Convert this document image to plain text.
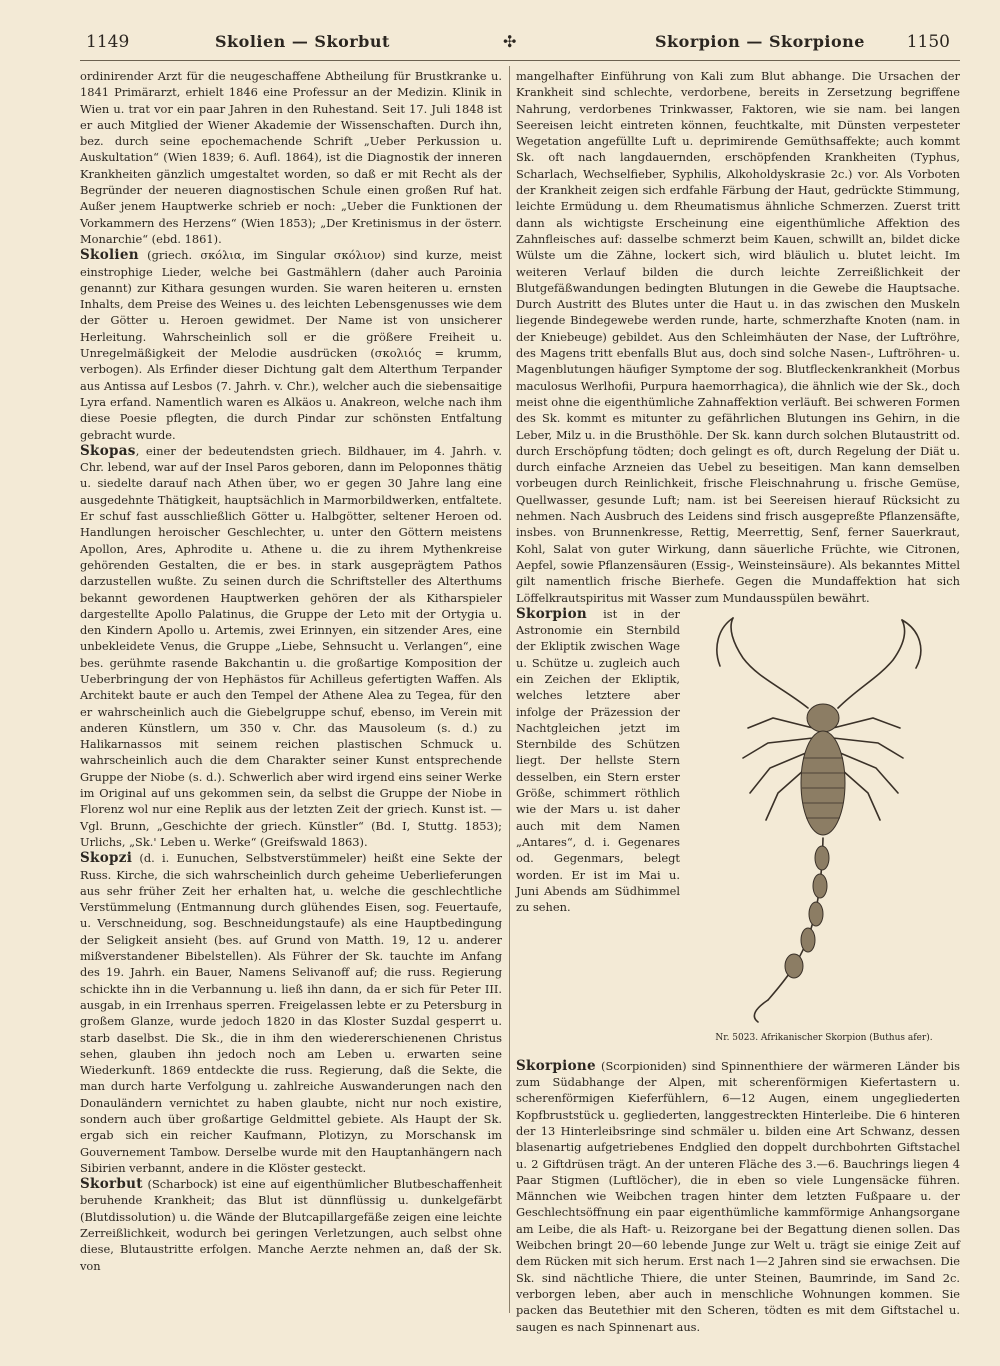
1149	Skolien — Skorbut	✣	Skorpion — Skorpione 1150

ordinirender Arzt für die neugeschaffene Abtheilung für Brustkranke u. 1841 Primärarzt, erhielt 1846 eine Professur an der Medizin. Klinik in Wien u. trat vor ein paar Jahren in den Ruhestand. Seit 17. Juli 1848 ist er auch Mitglied der Wiener Akademie der Wissenschaften. Durch ihn, bez. durch seine epochemachende Schrift „Ueber Perkussion u. Auskultation“ (Wien 1839; 6. Aufl. 1864), ist die Diagnostik der inneren Krankheiten gänzlich umgestaltet worden, so daß er mit Recht als der Begründer der neueren diagnostischen Schule einen großen Ruf hat. Außer jenem Hauptwerke schrieb er noch: „Ueber die Funktionen der Vorkammern des Herzens“ (Wien 1853); „Der Kretinismus in der österr. Monarchie“ (ebd. 1861).

Skolien (griech. σκόλια, im Singular σκόλιον) sind kurze, meist einstrophige Lieder, welche bei Gastmählern (daher auch Paroinia genannt) zur Kithara gesungen wurden. Sie waren heiteren u. ernsten Inhalts, dem Preise des Weines u. des leichten Lebensgenusses wie dem der Götter u. Heroen gewidmet. Der Name ist von unsicherer Herleitung. Wahrscheinlich soll er die größere Freiheit u. Unregelmäßigkeit der Melodie ausdrücken (σκολιός = krumm, verbogen). Als Erfinder dieser Dichtung galt dem Alterthum Terpander aus Antissa auf Lesbos (7. Jahrh. v. Chr.), welcher auch die siebensaitige Lyra erfand. Namentlich waren es Alkäos u. Anakreon, welche nach ihm diese Poesie pflegten, die durch Pindar zur schönsten Entfaltung gebracht wurde.

Skopas, einer der bedeutendsten griech. Bildhauer, im 4. Jahrh. v. Chr. lebend, war auf der Insel Paros geboren, dann im Peloponnes thätig u. siedelte darauf nach Athen über, wo er gegen 30 Jahre lang eine ausgedehnte Thätigkeit, hauptsächlich in Marmorbildwerken, entfaltete. Er schuf fast ausschließlich Götter u. Halbgötter, seltener Heroen od. Handlungen heroischer Geschlechter, u. unter den Göttern meistens Apollon, Ares, Aphrodite u. Athene u. die zu ihrem Mythenkreise gehörenden Gestalten, die er bes. in stark ausgeprägtem Pathos darzustellen wußte. Zu seinen durch die Schriftsteller des Alterthums bekannt gewordenen Hauptwerken gehören der als Kitharspieler dargestellte Apollo Palatinus, die Gruppe der Leto mit der Ortygia u. den Kindern Apollo u. Artemis, zwei Erinnyen, ein sitzender Ares, eine unbekleidete Venus, die Gruppe „Liebe, Sehnsucht u. Verlangen“, eine bes. gerühmte rasende Bakchantin u. die großartige Komposition der Ueberbringung der von Hephästos für Achilleus gefertigten Waffen. Als Architekt baute er auch den Tempel der Athene Alea zu Tegea, für den er wahrscheinlich auch die Giebelgruppe schuf, ebenso, im Verein mit anderen Künstlern, um 350 v. Chr. das Mausoleum (s. d.) zu Halikarnassos mit seinem reichen plastischen Schmuck u. wahrscheinlich auch die dem Charakter seiner Kunst entsprechende Gruppe der Niobe (s. d.). Schwerlich aber wird irgend eins seiner Werke im Original auf uns gekommen sein, da selbst die Gruppe der Niobe in Florenz wol nur eine Replik aus der letzten Zeit der griech. Kunst ist. — Vgl. Brunn, „Geschichte der griech. Künstler“ (Bd. I, Stuttg. 1853); Urlichs, „Sk.' Leben u. Werke“ (Greifswald 1863).

Skopzi (d. i. Eunuchen, Selbstverstümmeler) heißt eine Sekte der Russ. Kirche, die sich wahrscheinlich durch geheime Ueberlieferungen aus sehr früher Zeit her erhalten hat, u. welche die geschlechtliche Verstümmelung (Entmannung durch glühendes Eisen, sog. Feuertaufe, u. Verschneidung, sog. Beschneidungstaufe) als eine Hauptbedingung der Seligkeit ansieht (bes. auf Grund von Matth. 19, 12 u. anderer mißverstandener Bibelstellen). Als Führer der Sk. tauchte im Anfang des 19. Jahrh. ein Bauer, Namens Selivanoff auf; die russ. Regierung schickte ihn in die Verbannung u. ließ ihn dann, da er sich für Peter III. ausgab, in ein Irrenhaus sperren. Freigelassen lebte er zu Petersburg in großem Glanze, wurde jedoch 1820 in das Kloster Suzdal gesperrt u. starb daselbst. Die Sk., die in ihm den wiedererschienenen Christus sehen, glauben ihn jedoch noch am Leben u. erwarten seine Wiederkunft. 1869 entdeckte die russ. Regierung, daß die Sekte, die man durch harte Verfolgung u. zahlreiche Auswanderungen nach den Donauländern vernichtet zu haben glaubte, nicht nur noch existire, sondern auch über großartige Geldmittel gebiete. Als Haupt der Sk. ergab sich ein reicher Kaufmann, Plotizyn, zu Morschansk im Gouvernement Tambow. Derselbe wurde mit den Hauptanhängern nach Sibirien verbannt, andere in die Klöster gesteckt.

Skorbut (Scharbock) ist eine auf eigenthümlicher Blutbeschaffenheit beruhende Krankheit; das Blut ist dünnflüssig u. dunkelgefärbt (Blutdissolution) u. die Wände der Blutcapillargefäße zeigen eine leichte Zerreißlichkeit, wodurch bei geringen Verletzungen, auch selbst ohne diese, Blutaustritte erfolgen. Manche Aerzte nehmen an, daß der Sk. von

mangelhafter Einführung von Kali zum Blut abhange. Die Ursachen der Krankheit sind schlechte, verdorbene, bereits in Zersetzung begriffene Nahrung, verdorbenes Trinkwasser, Faktoren, wie sie nam. bei langen Seereisen leicht eintreten können, feuchtkalte, mit Dünsten verpesteter Wegetation angefüllte Luft u. deprimirende Gemüthsaffekte; auch kommt Sk. oft nach langdauernden, erschöpfenden Krankheiten (Typhus, Scharlach, Wechselfieber, Syphilis, Alkoholdyskrasie 2c.) vor. Als Vorboten der Krankheit zeigen sich erdfahle Färbung der Haut, gedrückte Stimmung, leichte Ermüdung u. dem Rheumatismus ähnliche Schmerzen. Zuerst tritt dann als wichtigste Erscheinung eine eigenthümliche Affektion des Zahnfleisches auf: dasselbe schmerzt beim Kauen, schwillt an, bildet dicke Wülste um die Zähne, lockert sich, wird bläulich u. blutet leicht. Im weiteren Verlauf bilden die durch leichte Zerreißlichkeit der Blutgefäßwandungen bedingten Blutungen in die Gewebe die Hauptsache. Durch Austritt des Blutes unter die Haut u. in das zwischen den Muskeln liegende Bindegewebe werden runde, harte, schmerzhafte Knoten (nam. in der Kniebeuge) gebildet. Aus den Schleimhäuten der Nase, der Luftröhre, des Magens tritt ebenfalls Blut aus, doch sind solche Nasen-, Luftröhren- u. Magenblutungen häufiger Symptome der sog. Blutfleckenkrankheit (Morbus maculosus Werlhofii, Purpura haemorrhagica), die ähnlich wie der Sk., doch meist ohne die eigenthümliche Zahnaffektion verläuft. Bei schweren Formen des Sk. kommt es mitunter zu gefährlichen Blutungen ins Gehirn, in die Leber, Milz u. in die Brusthöhle. Der Sk. kann durch solchen Blutaustritt od. durch Erschöpfung tödten; doch gelingt es oft, durch Regelung der Diät u. durch einfache Arzneien das Uebel zu beseitigen. Man kann demselben vorbeugen durch Reinlichkeit, frische Fleischnahrung u. frische Gemüse, Quellwasser, gesunde Luft; nam. ist bei Seereisen hierauf Rücksicht zu nehmen. Nach Ausbruch des Leidens sind frisch ausgepreßte Pflanzensäfte, insbes. von Brunnenkresse, Rettig, Meerrettig, Senf, ferner Sauerkraut, Kohl, Salat von guter Wirkung, dann säuerliche Früchte, wie Citronen, Aepfel, sowie Pflanzensäuren (Essig-, Weinsteinsäure). Als bekanntes Mittel gilt namentlich frische Bierhefe. Gegen die Mundaffektion hat sich Löffelkrautspiritus mit Wasser zum Mundausspülen bewährt.

Nr. 5023. Afrikanischer Skorpion (Buthus afer).

Skorpion ist in der Astronomie ein Sternbild der Ekliptik zwischen Wage u. Schütze u. zugleich auch ein Zeichen der Ekliptik, welches letztere aber infolge der Präzession der Nachtgleichen jetzt im Sternbilde des Schützen liegt. Der hellste Stern desselben, ein Stern erster Größe, schimmert röthlich wie der Mars u. ist daher auch mit dem Namen „Antares“, d. i. Gegenares od. Gegenmars, belegt worden. Er ist im Mai u. Juni Abends am Südhimmel zu sehen.

Skorpione (Scorpioniden) sind Spinnenthiere der wärmeren Länder bis zum Südabhange der Alpen, mit scherenförmigen Kiefertastern u. scherenförmigen Kieferfühlern, 6—12 Augen, einem ungegliederten Kopfbruststück u. gegliederten, langgestreckten Hinterleibe. Die 6 hinteren der 13 Hinterleibsringe sind schmäler u. bilden eine Art Schwanz, dessen blasenartig aufgetriebenes Endglied den doppelt durchbohrten Giftstachel u. 2 Giftdrüsen trägt. An der unteren Fläche des 3.—6. Bauchrings liegen 4 Paar Stigmen (Luftlöcher), die in eben so viele Lungensäcke führen. Männchen wie Weibchen tragen hinter dem letzten Fußpaare u. der Geschlechtsöffnung ein paar eigenthümliche kammförmige Anhangsorgane am Leibe, die als Haft- u. Reizorgane bei der Begattung dienen sollen. Das Weibchen bringt 20—60 lebende Junge zur Welt u. trägt sie einige Zeit auf dem Rücken mit sich herum. Erst nach 1—2 Jahren sind sie erwachsen. Die Sk. sind nächtliche Thiere, die unter Steinen, Baumrinde, im Sand 2c. verborgen leben, aber auch in menschliche Wohnungen kommen. Sie packen das Beutethier mit den Scheren, tödten es mit dem Giftstachel u. saugen es nach Spinnenart aus.
